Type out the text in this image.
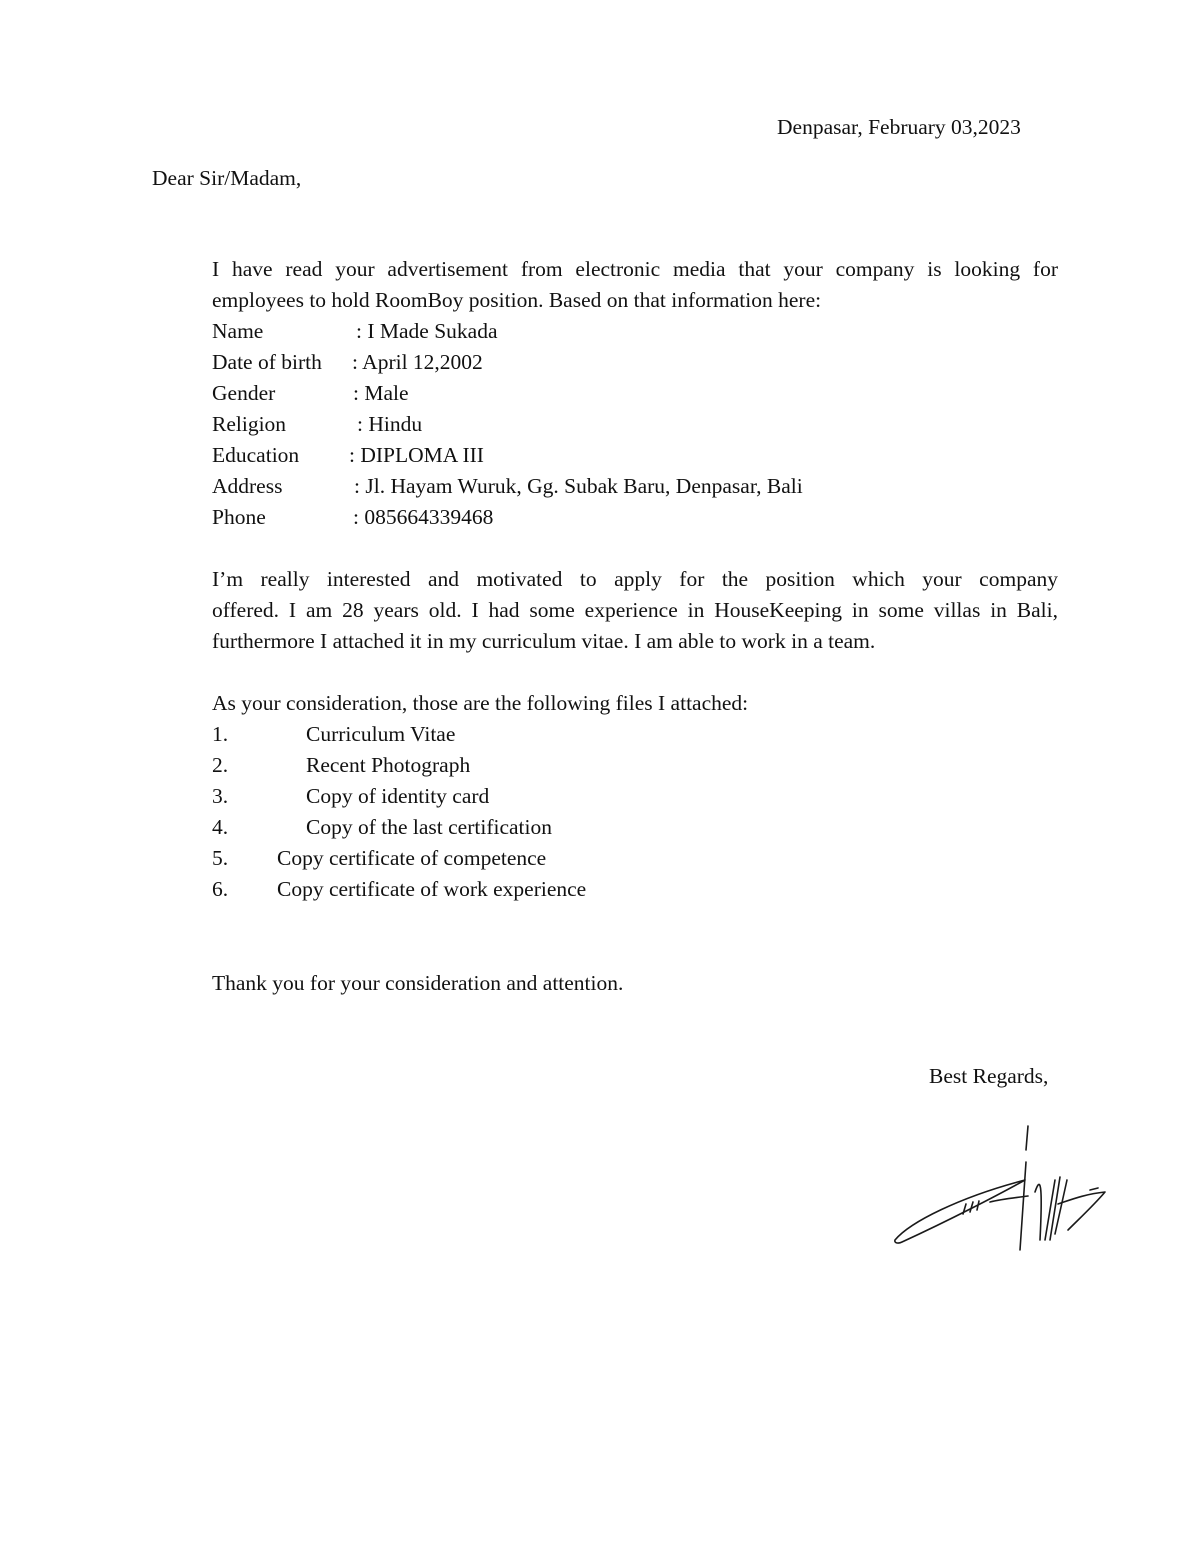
Denpasar, February 03,2023
Dear Sir/Madam,
I have read your advertisement from electronic media that your company is looking for
employees to hold RoomBoy position. Based on that information here:
Name	: I Made Sukada
Date of birth : April 12,2002
Gender	: Male
Religion	: Hindu
Education : DIPLOMA III
Address	: Jl. Hayam Wuruk, Gg. Subak Baru, Denpasar, Bali
Phone	: 085664339468
I’m really interested and motivated to apply for the position which your company
offered. I am 28 years old. I had some experience in HouseKeeping in some villas in Bali,
furthermore I attached it in my curriculum vitae. I am able to work in a team.
As your consideration, those are the following files I attached:
1.	Curriculum Vitae
2.	Recent Photograph
3.	Copy of identity card
4.	Copy of the last certification
5. Copy certificate of competence
6. Copy certificate of work experience
Thank you for your consideration and attention.
Best Regards,
